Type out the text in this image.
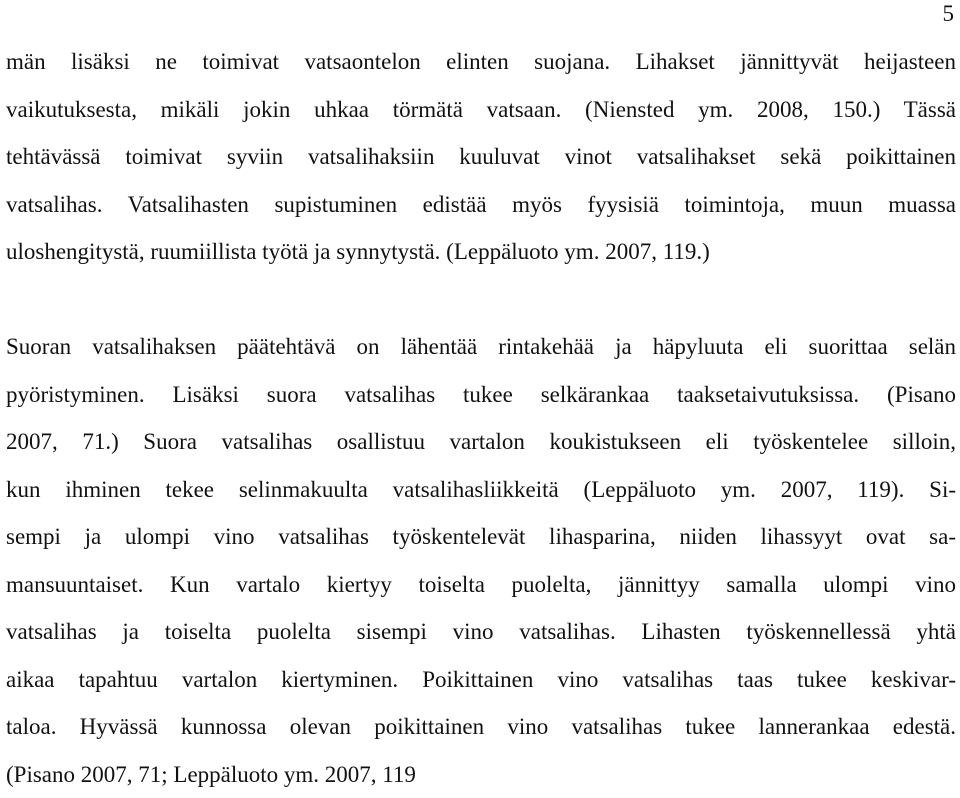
5
män lisäksi ne toimivat vatsaontelon elinten suojana. Lihakset jännittyvät heijasteen
vaikutuksesta, mikäli jokin uhkaa törmätä vatsaan. (Niensted ym. 2008, 150.) Tässä
tehtävässä toimivat syviin vatsalihaksiin kuuluvat vinot vatsalihakset sekä poikittainen
vatsalihas. Vatsalihasten supistuminen edistää myös fyysisiä toimintoja, muun muassa
uloshengitystä, ruumiillista työtä ja synnytystä. (Leppäluoto ym. 2007, 119.)
Suoran vatsalihaksen päätehtävä on lähentää rintakehää ja häpyluuta eli suorittaa selän
pyöristyminen. Lisäksi suora vatsalihas tukee selkärankaa taaksetaivutuksissa. (Pisano
2007, 71.) Suora vatsalihas osallistuu vartalon koukistukseen eli työskentelee silloin,
kun ihminen tekee selinmakuulta vatsalihasliikkeitä (Leppäluoto ym. 2007, 119). Si-
sempi ja ulompi vino vatsalihas työskentelevät lihasparina, niiden lihassyyt ovat sa-
mansuuntaiset. Kun vartalo kiertyy toiselta puolelta, jännittyy samalla ulompi vino
vatsalihas ja toiselta puolelta sisempi vino vatsalihas. Lihasten työskennellessä yhtä
aikaa tapahtuu vartalon kiertyminen. Poikittainen vino vatsalihas taas tukee keskivar-
taloa. Hyvässä kunnossa olevan poikittainen vino vatsalihas tukee lannerankaa edestä.
(Pisano 2007, 71; Leppäluoto ym. 2007, 119
